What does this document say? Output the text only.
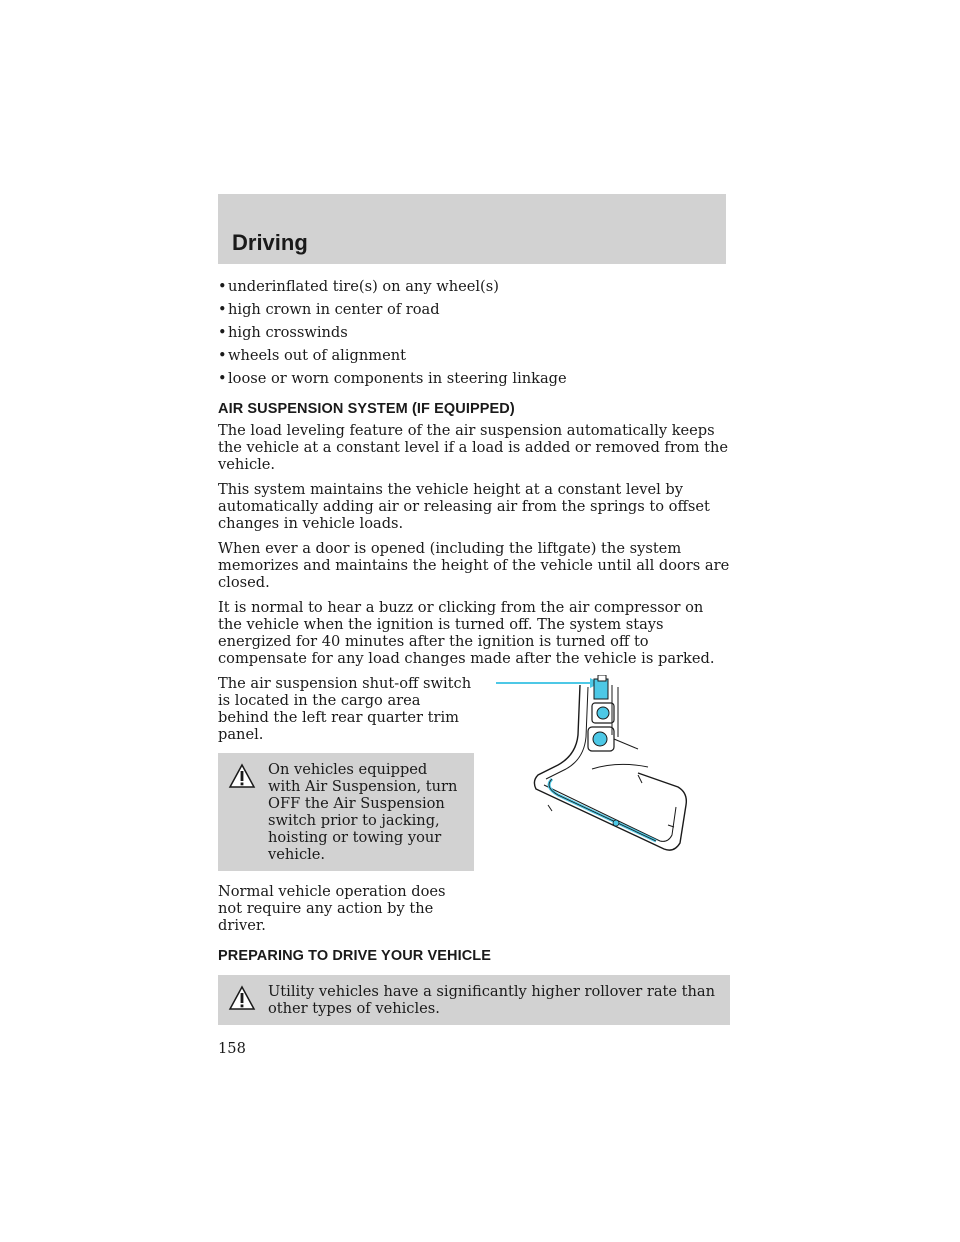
Driving
• underinflated tire(s) on any wheel(s)
• high crown in center of road
• high crosswinds
• wheels out of alignment
• loose or worn components in steering linkage
AIR SUSPENSION SYSTEM (IF EQUIPPED)

The load leveling feature of the air suspension automatically keeps the vehicle at a constant level if a load is added or removed from the vehicle.

This system maintains the vehicle height at a constant level by automatically adding air or releasing air from the springs to offset changes in vehicle loads.

When ever a door is opened (including the liftgate) the system memorizes and maintains the height of the vehicle until all doors are closed.

It is normal to hear a buzz or clicking from the air compressor on the vehicle when the ignition is turned off. The system stays energized for 40 minutes after the ignition is turned off to compensate for any load changes made after the vehicle is parked.

The air suspension shut-off switch is located in the cargo area behind the left rear quarter trim panel.

On vehicles equipped with Air Suspension, turn OFF the Air Suspension switch prior to jacking, hoisting or towing your vehicle.

Normal vehicle operation does not require any action by the driver.

PREPARING TO DRIVE YOUR VEHICLE
Utility vehicles have a significantly higher rollover rate than other types of vehicles.
158
